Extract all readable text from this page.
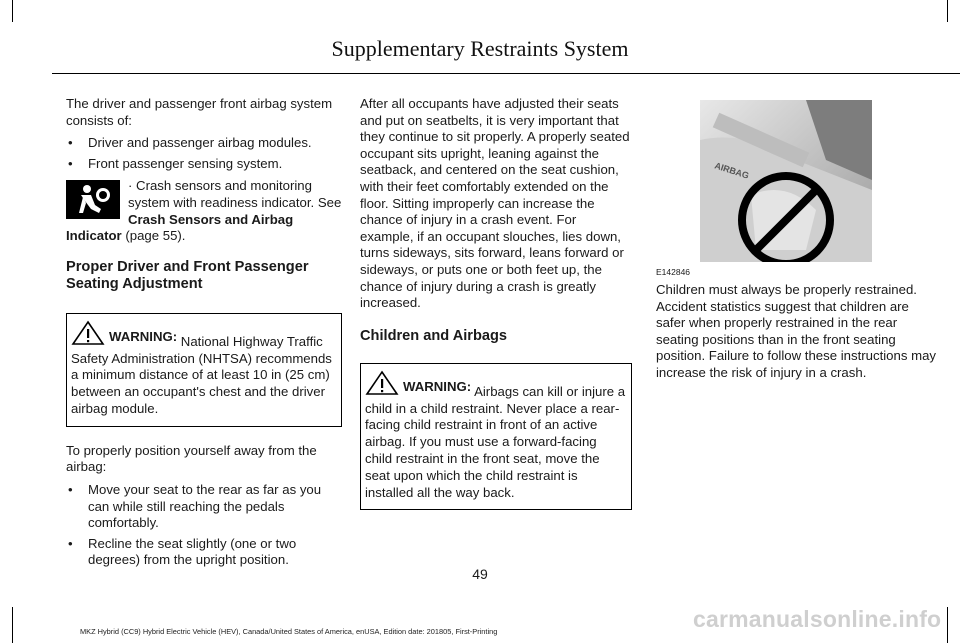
Supplementary Restraints System

The driver and passenger front airbag system consists of:

• Driver and passenger airbag modules.
• Front passenger sensing system.
· Crash sensors and monitoring system with readiness indicator. See Crash Sensors and Airbag Indicator (page 55).
Proper Driver and Front Passenger Seating Adjustment
WARNING: National Highway Traffic Safety Administration (NHTSA) recommends a minimum distance of at least 10 in (25 cm) between an occupant's chest and the driver airbag module.

To properly position yourself away from the airbag:

• Move your seat to the rear as far as you can while still reaching the pedals comfortably.
• Recline the seat slightly (one or two degrees) from the upright position.

After all occupants have adjusted their seats and put on seatbelts, it is very important that they continue to sit properly. A properly seated occupant sits upright, leaning against the seatback, and centered on the seat cushion, with their feet comfortably extended on the floor. Sitting improperly can increase the chance of injury in a crash event. For example, if an occupant slouches, lies down, turns sideways, sits forward, leans forward or sideways, or puts one or both feet up, the chance of injury during a crash is greatly increased.

Children and Airbags
WARNING: Airbags can kill or injure a child in a child restraint. Never place a rear-facing child restraint in front of an active airbag. If you must use a forward-facing child restraint in the front seat, move the seat upon which the child restraint is installed all the way back.
AIRBAG
E142846

Children must always be properly restrained. Accident statistics suggest that children are safer when properly restrained in the rear seating positions than in the front seating position. Failure to follow these instructions may increase the risk of injury in a crash.

49
MKZ Hybrid (CC9) Hybrid Electric Vehicle (HEV), Canada/United States of America, enUSA, Edition date: 201805, First-Printing	carmanualsonline.info
